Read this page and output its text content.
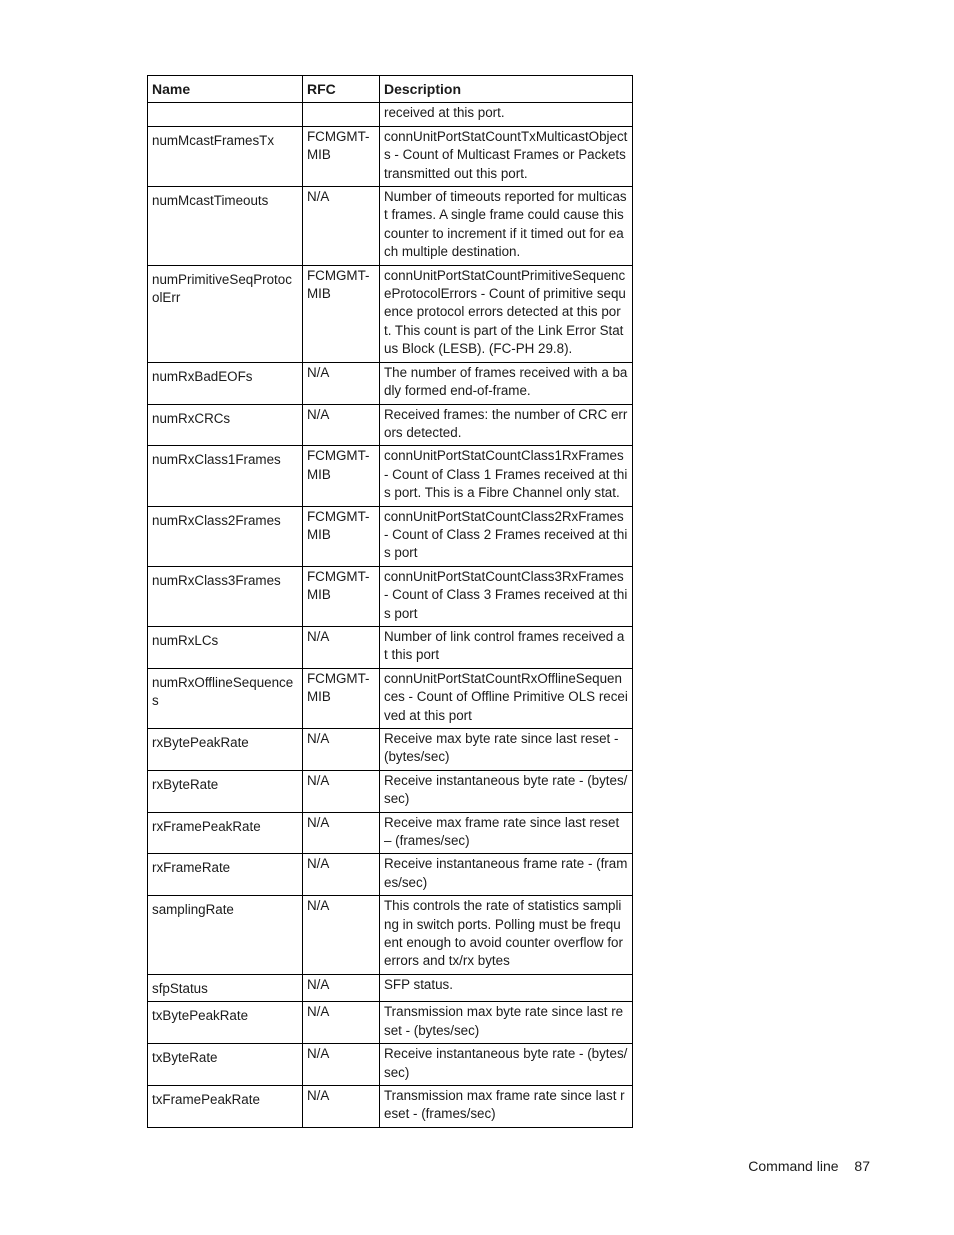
Name	RFC	Description
		received at this port.
numMcastFramesTx	FCMGMT-MIB	connUnitPortStatCountTxMulticastObjects - Count of Multicast Frames or Packets transmitted out this port.
numMcastTimeouts	N/A	Number of timeouts reported for multicast frames. A single frame could cause this counter to increment if it timed out for each multiple destination.
numPrimitiveSeqProtocolErr	FCMGMT-MIB	connUnitPortStatCountPrimitiveSequenceProtocolErrors - Count of primitive sequence protocol errors detected at this port. This count is part of the Link Error Status Block (LESB). (FC-PH 29.8).
numRxBadEOFs	N/A	The number of frames received with a badly formed end-of-frame.
numRxCRCs	N/A	Received frames: the number of CRC errors detected.
numRxClass1Frames	FCMGMT-MIB	connUnitPortStatCountClass1RxFrames - Count of Class 1 Frames received at this port. This is a Fibre Channel only stat.
numRxClass2Frames	FCMGMT-MIB	connUnitPortStatCountClass2RxFrames - Count of Class 2 Frames received at this port
numRxClass3Frames	FCMGMT-MIB	connUnitPortStatCountClass3RxFrames - Count of Class 3 Frames received at this port
numRxLCs	N/A	Number of link control frames received at this port
numRxOfflineSequences	FCMGMT-MIB	connUnitPortStatCountRxOfflineSequences - Count of Offline Primitive OLS received at this port
rxBytePeakRate	N/A	Receive max byte rate since last reset - (bytes/sec)
rxByteRate	N/A	Receive instantaneous byte rate - (bytes/sec)
rxFramePeakRate	N/A	Receive max frame rate since last reset – (frames/sec)
rxFrameRate	N/A	Receive instantaneous frame rate - (frames/sec)
samplingRate	N/A	This controls the rate of statistics sampling in switch ports. Polling must be frequent enough to avoid counter overflow for errors and tx/rx bytes
sfpStatus	N/A	SFP status.
txBytePeakRate	N/A	Transmission max byte rate since last reset - (bytes/sec)
txByteRate	N/A	Receive instantaneous byte rate - (bytes/sec)
txFramePeakRate	N/A	Transmission max frame rate since last reset - (frames/sec)
Command line 87
